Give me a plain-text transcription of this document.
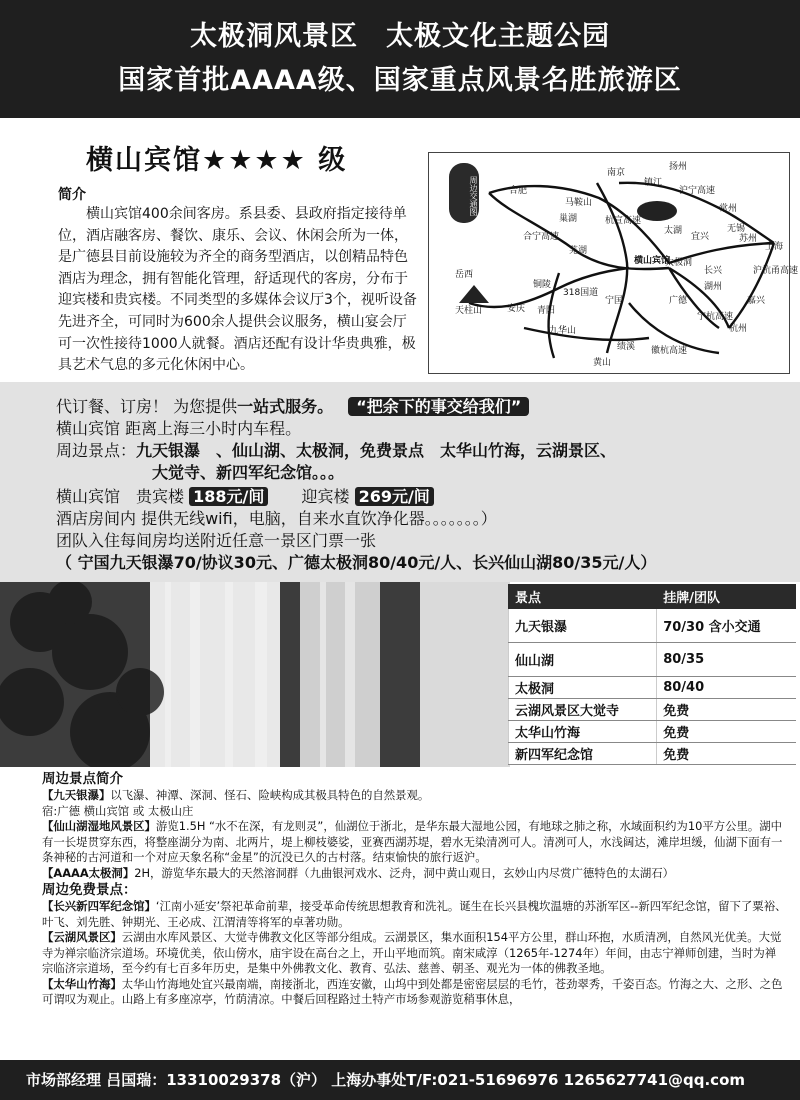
太极洞风景区　太极文化主题公园
国家首批AAAA级、国家重点风景名胜旅游区
横山宾馆★★★★ 级
简介
横山宾馆400余间客房。系县委、县政府指定接待单位，酒店融客房、餐饮、康乐、会议、休闲会所为一体，是广德县目前设施较为齐全的商务型酒店，以创精品特色酒店为理念，拥有智能化管理，舒适现代的客房，分布于迎宾楼和贵宾楼。不同类型的多媒体会议厅3个，视听设备先进齐全，可同时为600余人提供会议服务，横山宴会厅可一次性接待1000人就餐。酒店还配有设计华贵典雅，极具艺术气息的多元化休闲中心。
周边交通图
扬州
镇江
南京
沪宁高速
合肥
马鞍山
巢湖
芜湖
常州
无锡
苏州
上海
太湖
宜兴
长兴
湖州
嘉兴
杭州
宁国	广德
铜陵
青阳
九华山
黄山
绩溪
安庆
天柱山
岳西
横山宾馆
太极洞
318国道
宁杭高速
杭宣高速
沪杭甬高速
合宁高速
徽杭高速
代订餐、订房！ 为您提供一站式服务。 “把余下的事交给我们”
横山宾馆 距离上海三小时内车程。
周边景点：九天银瀑　、仙山湖、太极洞，免费景点　太华山竹海，云湖景区、
大觉寺、新四军纪念馆。。。
横山宾馆　贵宾楼 188元/间 迎宾楼 269元/间
酒店房间内 提供无线wifi，电脑，自来水直饮净化器。。。。。。。）
团队入住每间房均送附近任意一景区门票一张
（ 宁国九天银瀑70/协议30元、广德太极洞80/40元/人、长兴仙山湖80/35元/人）
景点	挂牌/团队
九天银瀑	70/30 含小交通
仙山湖	80/35
太极洞	80/40
云湖风景区大觉寺	免费
太华山竹海	免费
新四军纪念馆	免费
周边景点简介
【九天银瀑】以飞瀑、神潭、深洞、怪石、险峡构成其极具特色的自然景观。
宿:广德 横山宾馆 或 太极山庄
【仙山湖湿地风景区】游览1.5H “水不在深，有龙则灵”，仙湖位于浙北，是华东最大湿地公园，有地球之肺之称，水域面积约为10平方公里。湖中有一长堤贯穿东西，将整座湖分为南、北两片，堤上柳枝婆娑，亚赛西湖苏堤，碧水无染清冽可人。清冽可人，水浅阔达，滩岸坦缓，仙湖下面有一条神秘的古河道和一个对应天象名称“金星”的沉没已久的古村落。结束愉快的旅行返沪。
【AAAA太极洞】2H，游览华东最大的天然溶洞群（九曲银河戏水、泛舟，洞中黄山观日，玄妙山内尽赏广德特色的太湖石）
周边免费景点：
【长兴新四军纪念馆】‘江南小延安’祭祀革命前辈，接受革命传统思想教育和洗礼。诞生在长兴县槐坎温塘的苏浙军区--新四军纪念馆，留下了粟裕、叶飞、刘先胜、钟期光、王必成、江渭清等将军的卓著功勋。
【云湖风景区】云湖由水库风景区、大觉寺佛教文化区等部分组成。云湖景区，集水面积154平方公里，群山环抱，水质清冽，自然风光优美。大觉寺为禅宗临济宗道场。环境优美，依山傍水，庙宇设在高台之上，开山平地而筑。南宋咸淳（1265年-1274年）年间，由志宁禅师创建，当时为禅宗临济宗道场，至今约有七百多年历史，是集中外佛教文化、教育、弘法、慈善、朝圣、观光为一体的佛教圣地。
【太华山竹海】太华山竹海地处宜兴最南端，南接浙北，西连安徽，山坞中到处都是密密层层的毛竹，苍劲翠秀，千姿百态。竹海之大、之形、之色可谓叹为观止。山路上有多座凉亭，竹荫清凉。中餐后回程路过土特产市场参观游览稍事休息，
市场部经理 吕国瑞：13310029378（沪） 上海办事处T/F:021-51696976 1265627741@qq.com
